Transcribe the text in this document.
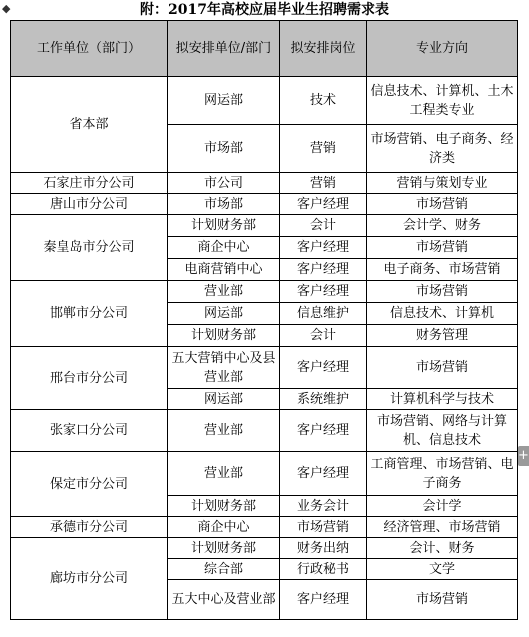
◆	附：2017年高校应届毕业生招聘需求表
工作单位（部门）	拟安排单位/部门	拟安排岗位	专业方向
省本部	网运部	技术	信息技术、计算机、土木工程类专业
	市场部	营销	市场营销、电子商务、经济类
石家庄市分公司	市公司	营销	营销与策划专业
唐山市分公司	市场部	客户经理	市场营销
秦皇岛市分公司	计划财务部	会计	会计学、财务
	商企中心	客户经理	市场营销
	电商营销中心	客户经理	电子商务、市场营销
邯郸市分公司	营业部	客户经理	市场营销
	网运部	信息维护	信息技术、计算机
	计划财务部	会计	财务管理
邢台市分公司	五大营销中心及县营业部	客户经理	市场营销
	网运部	系统维护	计算机科学与技术
张家口分公司	营业部	客户经理	市场营销、网络与计算机、信息技术
保定市分公司	营业部	客户经理	工商管理、市场营销、电子商务
	计划财务部	业务会计	会计学
承德市分公司	商企中心	市场营销	经济管理、市场营销
廊坊市分公司	计划财务部	财务出纳	会计、财务
	综合部	行政秘书	文学
	五大中心及营业部	客户经理	市场营销
+
